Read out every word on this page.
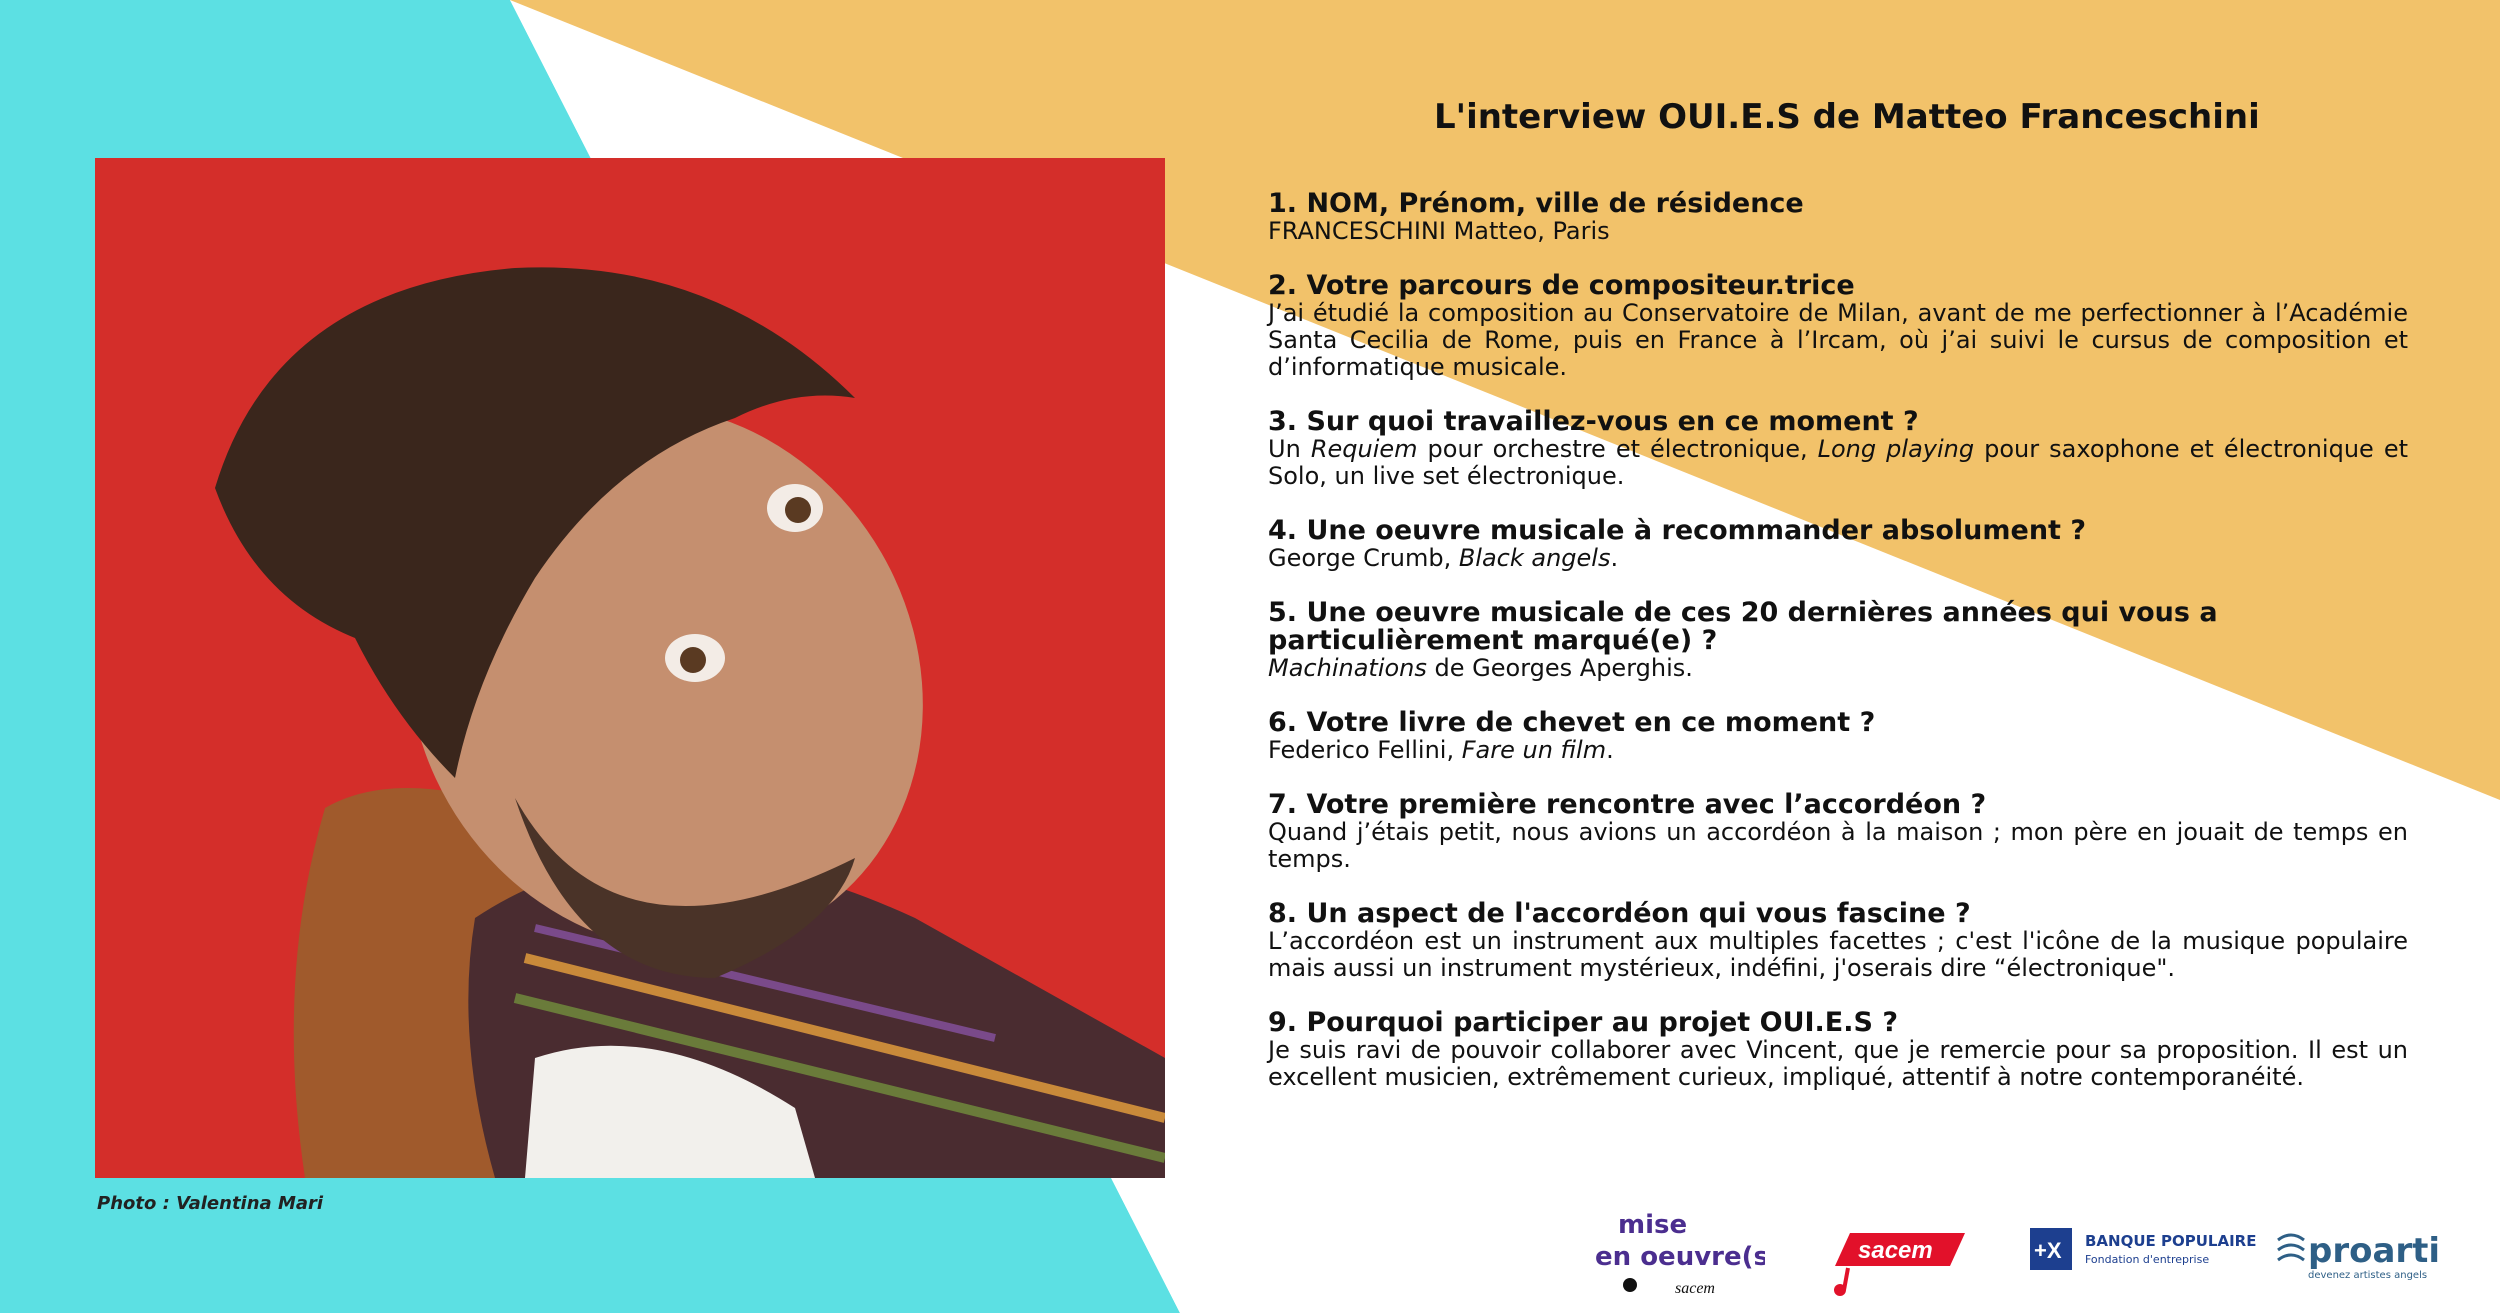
Photo : Valentina Mari
L'interview OUI.E.S de Matteo Franceschini

1. NOM, Prénom, ville de résidence

FRANCESCHINI Matteo, Paris

2. Votre parcours de compositeur.trice

J’ai étudié la composition au Conservatoire de Milan, avant de me perfectionner à l’Académie Santa Cecilia de Rome, puis en France à l’Ircam, où j’ai suivi le cursus de composition et d’informatique musicale.

3. Sur quoi travaillez-vous en ce moment ?

Un Requiem pour orchestre et électronique, Long playing pour saxophone et électronique et Solo, un live set électronique.

4. Une oeuvre musicale à recommander absolument ?

George Crumb, Black angels.

5. Une oeuvre musicale de ces 20 dernières années qui vous a particulièrement marqué(e) ?

Machinations de Georges Aperghis.

6. Votre livre de chevet en ce moment ?

Federico Fellini, Fare un film.

7. Votre première rencontre avec l’accordéon ?

Quand j’étais petit, nous avions un accordéon à la maison ; mon père en jouait de temps en temps.

8. Un aspect de l'accordéon qui vous fascine ?

L’accordéon est un instrument aux multiples facettes ; c'est l'icône de la musique populaire mais aussi un instrument mystérieux, indéfini, j'oserais dire “électronique".

9. Pourquoi participer au projet OUI.E.S ?

Je suis ravi de pouvoir collaborer avec Vincent, que je remercie pour sa proposition. Il est un excellent musicien, extrêmement curieux, impliqué, attentif à notre contemporanéité.

mise
en oeuvre(s)
sacem
sacem	+X BANQUE POPULAIRE
Fondation d'entreprise	proarti
devenez artistes angels
